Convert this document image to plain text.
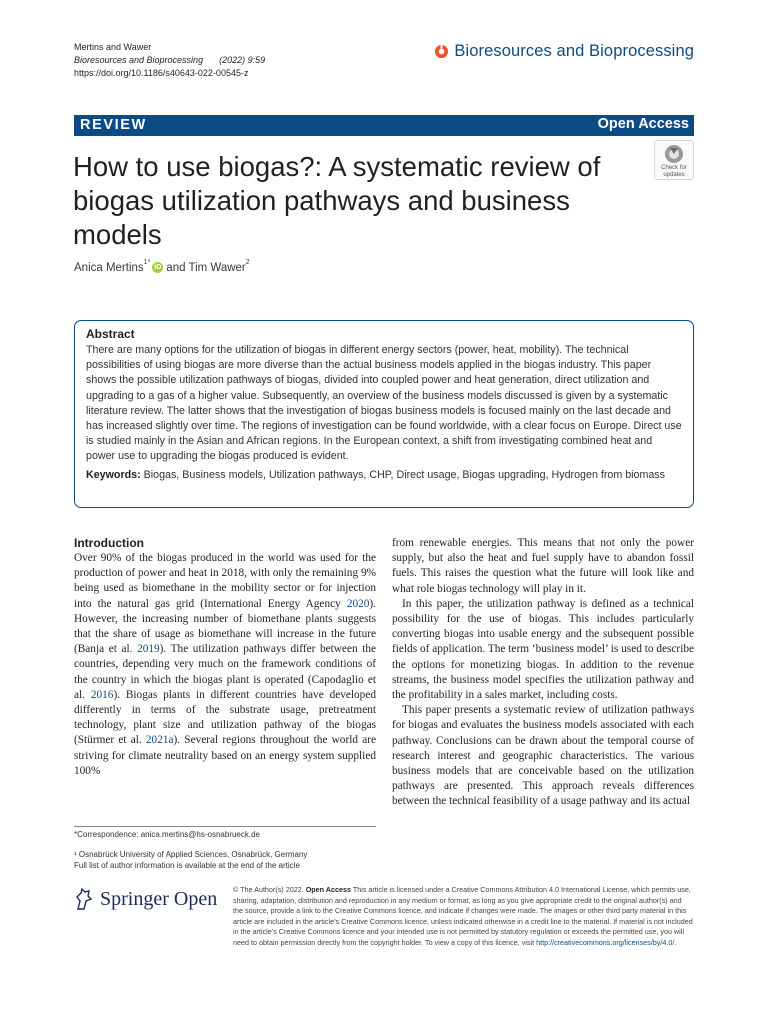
Mertins and Wawer
Bioresources and Bioprocessing (2022) 9:59
https://doi.org/10.1186/s40643-022-00545-z
Bioresources and Bioprocessing
REVIEW	Open Access
How to use biogas?: A systematic review of biogas utilization pathways and business models
Check for
updates
Anica Mertins$^{1*}$
iD and Tim Wawer$^2$
Abstract
There are many options for the utilization of biogas in different energy sectors (power, heat, mobility). The technical possibilities of using biogas are more diverse than the actual business models applied in the biogas industry. This paper shows the possible utilization pathways of biogas, divided into coupled power and heat generation, direct utilization and upgrading to a gas of a higher value. Subsequently, an overview of the business models discussed is given by a systematic literature review. The latter shows that the investigation of biogas business models is focused mainly on the last decade and has increased slightly over time. The regions of investigation can be found worldwide, with a clear focus on Europe. Direct use is studied mainly in the Asian and African regions. In the European context, a shift from investigating combined heat and power use to upgrading the biogas produced is evident.
Keywords: Biogas, Business models, Utilization pathways, CHP, Direct usage, Biogas upgrading, Hydrogen from biomass
Introduction

Over 90% of the biogas produced in the world was used for the production of power and heat in 2018, with only the remaining 9% being used as biomethane in the mobility sector or for injection into the natural gas grid (International Energy Agency 2020). However, the increasing number of biomethane plants suggests that the share of usage as biomethane will increase in the future (Banja et al. 2019). The utilization pathways differ between the countries, depending very much on the framework conditions of the country in which the biogas plant is operated (Capodaglio et al. 2016). Biogas plants in different countries have developed differently in terms of the substrate usage, pretreatment technology, plant size and utilization pathway of the biogas (Stürmer et al. 2021a). Several regions throughout the world are striving for climate neutrality based on an energy system supplied 100%

from renewable energies. This means that not only the power supply, but also the heat and fuel supply have to abandon fossil fuels. This raises the question what the future will look like and what role biogas technology will play in it.

In this paper, the utilization pathway is defined as a technical possibility for the use of biogas. This includes particularly converting biogas into usable energy and the subsequent possible fields of application. The term ‘business model’ is used to describe the options for monetizing biogas. In addition to the revenue streams, the business model specifies the utilization pathway and the profitability in a sales market, including costs.

This paper presents a systematic review of utilization pathways for biogas and evaluates the business models associated with each pathway. Conclusions can be drawn about the temporal course of research interest and geographic characteristics. The various business models that are conceivable based on the utilization pathways are presented. This approach reveals differences between the technical feasibility of a usage pathway and its actual

*Correspondence: anica.mertins@hs-osnabrueck.de
¹ Osnabrück University of Applied Sciences, Osnabrück, Germany
Full list of author information is available at the end of the article
Springer Open © The Author(s) 2022. Open Access This article is licensed under a Creative Commons Attribution 4.0 International License, which permits use, sharing, adaptation, distribution and reproduction in any medium or format, as long as you give appropriate credit to the original author(s) and the source, provide a link to the Creative Commons licence, and indicate if changes were made. The images or other third party material in this article are included in the article’s Creative Commons licence, unless indicated otherwise in a credit line to the material. If material is not included in the article’s Creative Commons licence and your intended use is not permitted by statutory regulation or exceeds the permitted use, you will need to obtain permission directly from the copyright holder. To view a copy of this licence, visit http://creativecommons.org/licenses/by/4.0/.
